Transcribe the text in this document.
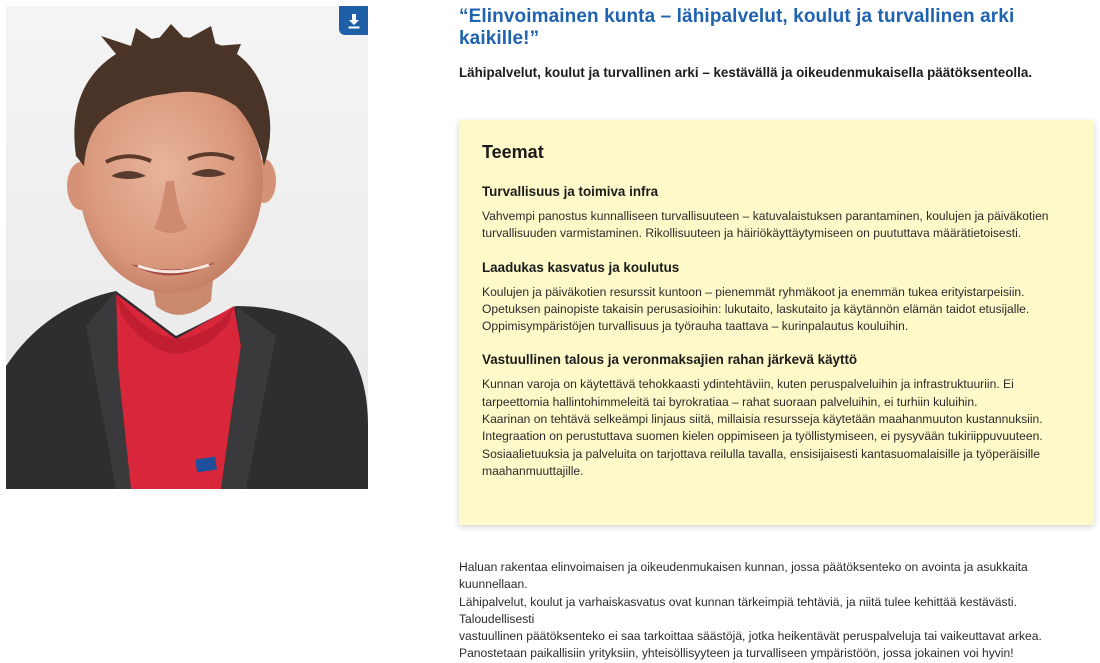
“Elinvoimainen kunta – lähipalvelut, koulut ja turvallinen arki kaikille!”

Lähipalvelut, koulut ja turvallinen arki – kestävällä ja oikeudenmukaisella päätöksenteolla.

Teemat
Turvallisuus ja toimiva infra

Vahvempi panostus kunnalliseen turvallisuuteen – katuvalaistuksen parantaminen, koulujen ja päiväkotien
turvallisuuden varmistaminen. Rikollisuuteen ja häiriökäyttäytymiseen on puututtava määrätietoisesti.

Laadukas kasvatus ja koulutus

Koulujen ja päiväkotien resurssit kuntoon – pienemmät ryhmäkoot ja enemmän tukea erityistarpeisiin.
Opetuksen painopiste takaisin perusasioihin: lukutaito, laskutaito ja käytännön elämän taidot etusijalle.
Oppimisympäristöjen turvallisuus ja työrauha taattava – kurinpalautus kouluihin.

Vastuullinen talous ja veronmaksajien rahan järkevä käyttö

Kunnan varoja on käytettävä tehokkaasti ydintehtäviin, kuten peruspalveluihin ja infrastruktuuriin. Ei
tarpeettomia hallintohimmeleitä tai byrokratiaa – rahat suoraan palveluihin, ei turhiin kuluihin.
Kaarinan on tehtävä selkeämpi linjaus siitä, millaisia resursseja käytetään maahanmuuton kustannuksiin.
Integraation on perustuttava suomen kielen oppimiseen ja työllistymiseen, ei pysyvään tukiriippuvuuteen.
Sosiaalietuuksia ja palveluita on tarjottava reilulla tavalla, ensisijaisesti kantasuomalaisille ja työperäisille
maahanmuuttajille.

Haluan rakentaa elinvoimaisen ja oikeudenmukaisen kunnan, jossa päätöksenteko on avointa ja asukkaita kuunnellaan.
Lähipalvelut, koulut ja varhaiskasvatus ovat kunnan tärkeimpiä tehtäviä, ja niitä tulee kehittää kestävästi. Taloudellisesti
vastuullinen päätöksenteko ei saa tarkoittaa säästöjä, jotka heikentävät peruspalveluja tai vaikeuttavat arkea.
Panostetaan paikallisiin yrityksiin, yhteisöllisyyteen ja turvalliseen ympäristöön, jossa jokainen voi hyvin!
